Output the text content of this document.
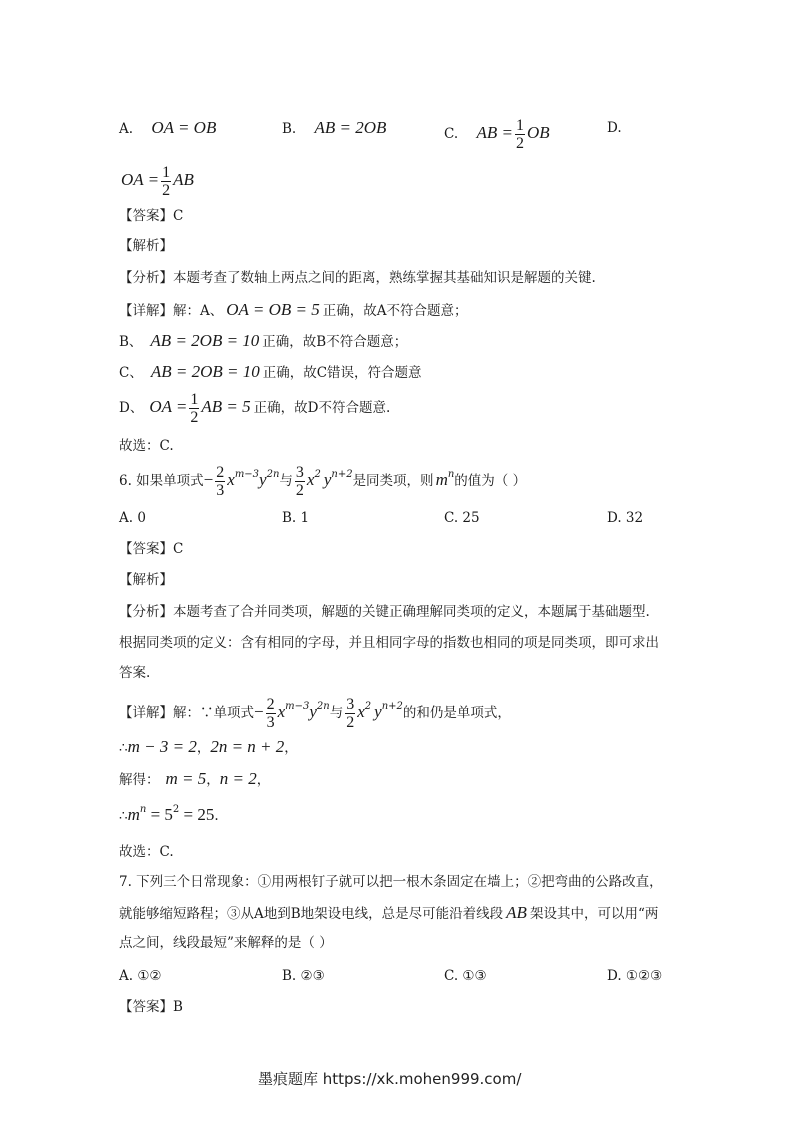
A. OA = OB	B. AB = 2OB	C. AB = $\frac{1}{2}$ OB	D.
OA = $\frac{1}{2}$ AB
【答案】C
【解析】
【分析】本题考查了数轴上两点之间的距离，熟练掌握其基础知识是解题的关键.
【详解】解：A、 OA = OB = 5 正确，故A不符合题意；
B、 AB = 2OB = 10 正确，故B不符合题意；
C、 AB = 2OB = 10 正确，故C错误，符合题意
D、 OA = $\frac{1}{2}$ AB = 5 正确，故D不符合题意.
故选：C.
6. 如果单项式− $\frac{2}{3} x^{m-3}y^{2n}$与 $\frac{3}{2} x^2$ $y^{n+2}$是同类项，则 $m^n$的值为（ ）
A. 0	B. 1	C. 25	D. 32
【答案】C
【解析】
【分析】本题考查了合并同类项，解题的关键正确理解同类项的定义，本题属于基础题型.
根据同类项的定义：含有相同的字母，并且相同字母的指数也相同的项是同类项，即可求出
答案.
【详解】解：∵单项式− $\frac{2}{3} x^{m-3}y^{2n}$与 $\frac{3}{2} x^2$ $y^{n+2}$的和仍是单项式，
∴m − 3 = 2，2n = n + 2，
解得： m = 5，n = 2，
$\therefore m^n = 5^2 = 25$.
故选：C.
7. 下列三个日常现象：①用两根钉子就可以把一根木条固定在墙上；②把弯曲的公路改直，
就能够缩短路程；③从A地到B地架设电线，总是尽可能沿着线段 AB 架设其中，可以用“两
点之间，线段最短”来解释的是（ ）
A. ①②	B. ②③	C. ①③	D. ①②③
【答案】B
墨痕题库 https://xk.mohen999.com/
